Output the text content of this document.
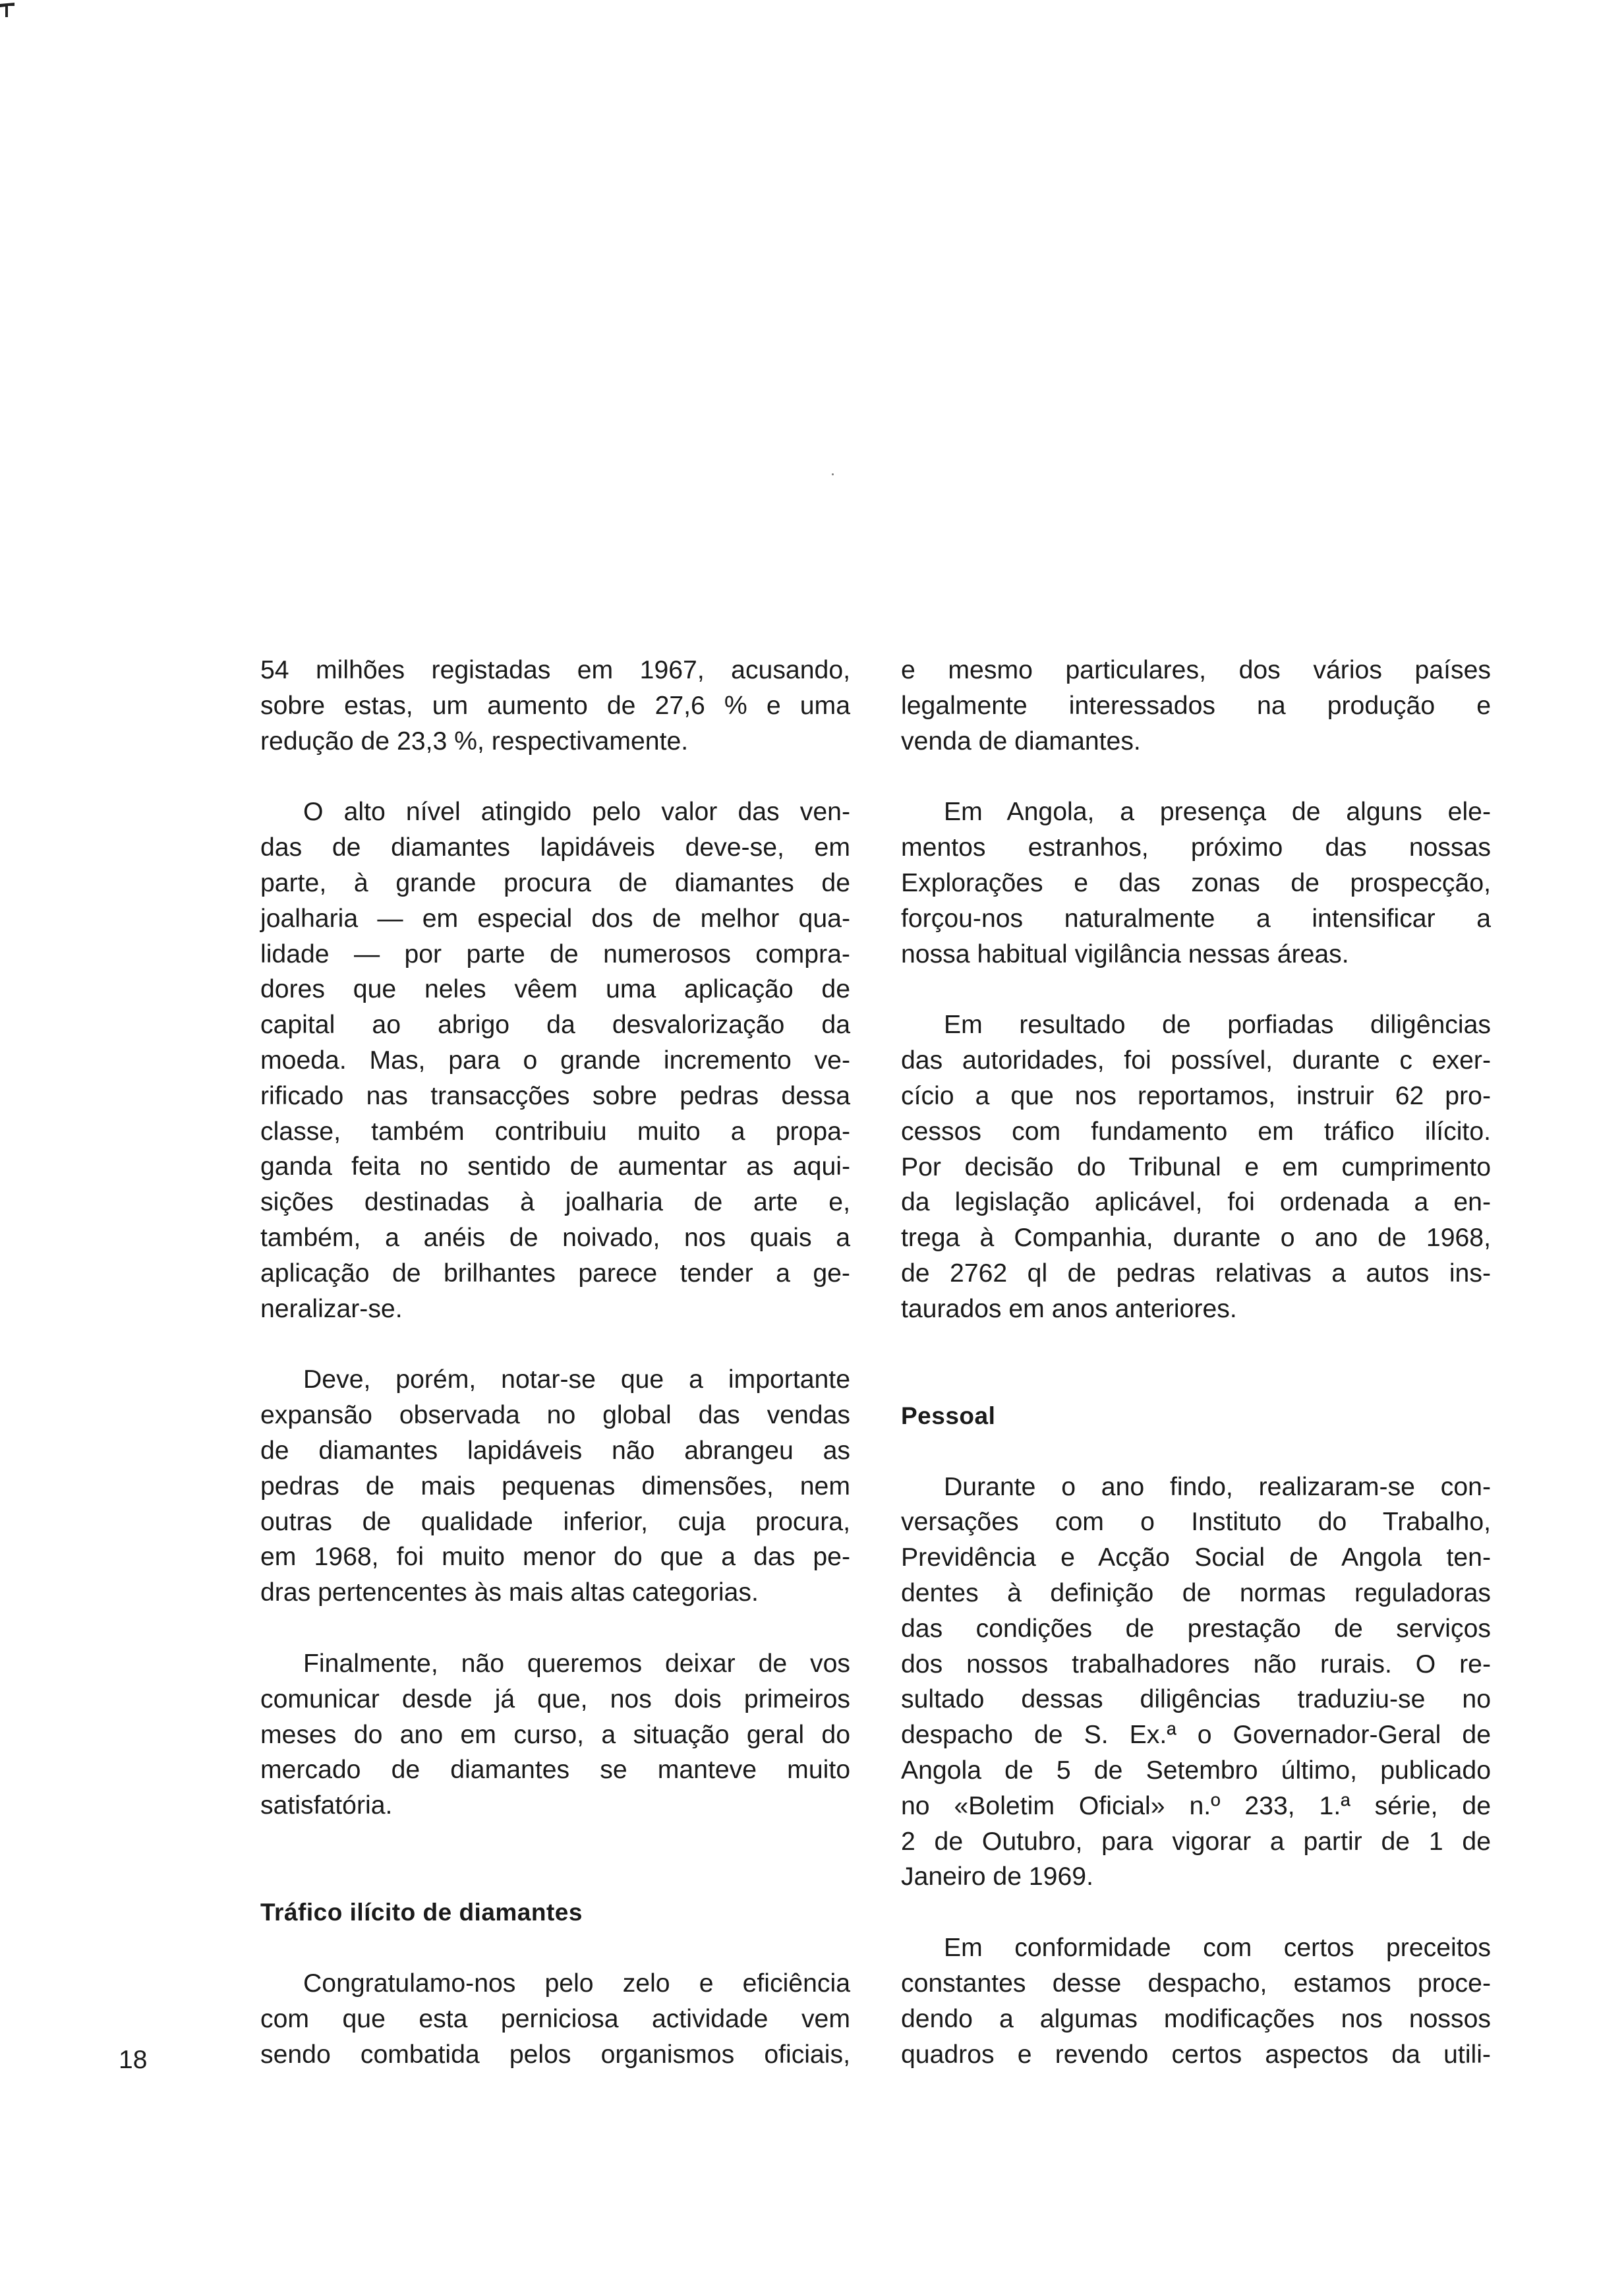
54 milhões registadas em 1967, acusando,
sobre estas, um aumento de 27,6 % e uma
redução de 23,3 %, respectivamente.
O alto nível atingido pelo valor das ven-
das de diamantes lapidáveis deve-se, em
parte, à grande procura de diamantes de
joalharia — em especial dos de melhor qua-
lidade — por parte de numerosos compra-
dores que neles vêem uma aplicação de
capital ao abrigo da desvalorização da
moeda. Mas, para o grande incremento ve-
rificado nas transacções sobre pedras dessa
classe, também contribuiu muito a propa-
ganda feita no sentido de aumentar as aqui-
sições destinadas à joalharia de arte e,
também, a anéis de noivado, nos quais a
aplicação de brilhantes parece tender a ge-
neralizar-se.
Deve, porém, notar-se que a importante
expansão observada no global das vendas
de diamantes lapidáveis não abrangeu as
pedras de mais pequenas dimensões, nem
outras de qualidade inferior, cuja procura,
em 1968, foi muito menor do que a das pe-
dras pertencentes às mais altas categorias.
Finalmente, não queremos deixar de vos
comunicar desde já que, nos dois primeiros
meses do ano em curso, a situação geral do
mercado de diamantes se manteve muito
satisfatória.
Tráfico ilícito de diamantes
Congratulamo-nos pelo zelo e eficiência
com que esta perniciosa actividade vem
sendo combatida pelos organismos oficiais,
e mesmo particulares, dos vários países
legalmente interessados na produção e
venda de diamantes.
Em Angola, a presença de alguns ele-
mentos estranhos, próximo das nossas
Explorações e das zonas de prospecção,
forçou-nos naturalmente a intensificar a
nossa habitual vigilância nessas áreas.
Em resultado de porfiadas diligências
das autoridades, foi possível, durante c exer-
cício a que nos reportamos, instruir 62 pro-
cessos com fundamento em tráfico ilícito.
Por decisão do Tribunal e em cumprimento
da legislação aplicável, foi ordenada a en-
trega à Companhia, durante o ano de 1968,
de 2762 ql de pedras relativas a autos ins-
taurados em anos anteriores.
Pessoal
Durante o ano findo, realizaram-se con-
versações com o Instituto do Trabalho,
Previdência e Acção Social de Angola ten-
dentes à definição de normas reguladoras
das condições de prestação de serviços
dos nossos trabalhadores não rurais. O re-
sultado dessas diligências traduziu-se no
despacho de S. Ex.ª o Governador-Geral de
Angola de 5 de Setembro último, publicado
no «Boletim Oficial» n.º 233, 1.ª série, de
2 de Outubro, para vigorar a partir de 1 de
Janeiro de 1969.
Em conformidade com certos preceitos
constantes desse despacho, estamos proce-
dendo a algumas modificações nos nossos
quadros e revendo certos aspectos da utili-
18
